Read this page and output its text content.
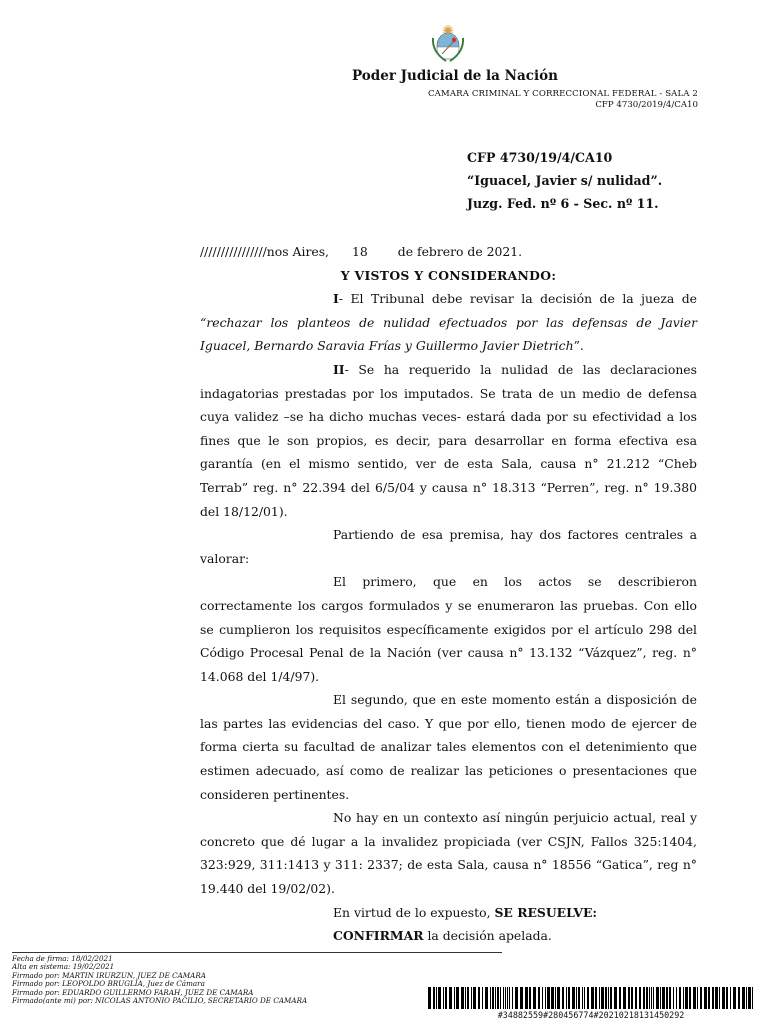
Poder Judicial de la Nación
CAMARA CRIMINAL Y CORRECCIONAL FEDERAL - SALA 2
CFP 4730/2019/4/CA10
CFP 4730/19/4/CA10
“Iguacel, Javier s/ nulidad”.
Juzg. Fed. nº 6 - Sec. nº 11.

////////////////nos Aires, 18 de febrero de 2021.

Y VISTOS Y CONSIDERANDO:

I- El Tribunal debe revisar la decisión de la jueza de “rechazar los planteos de nulidad efectuados por las defensas de Javier Iguacel, Bernardo Saravia Frías y Guillermo Javier Dietrich”.

II- Se ha requerido la nulidad de las declaraciones indagatorias prestadas por los imputados. Se trata de un medio de defensa cuya validez –se ha dicho muchas veces- estará dada por su efectividad a los fines que le son propios, es decir, para desarrollar en forma efectiva esa garantía (en el mismo sentido, ver de esta Sala, causa n° 21.212 “Cheb Terrab” reg. n° 22.394 del 6/5/04 y causa n° 18.313 “Perren”, reg. n° 19.380 del 18/12/01).

Partiendo de esa premisa, hay dos factores centrales a valorar:

El primero, que en los actos se describieron correctamente los cargos formulados y se enumeraron las pruebas. Con ello se cumplieron los requisitos específicamente exigidos por el artículo 298 del Código Procesal Penal de la Nación (ver causa n° 13.132 “Vázquez”, reg. n° 14.068 del 1/4/97).

El segundo, que en este momento están a disposición de las partes las evidencias del caso. Y que por ello, tienen modo de ejercer de forma cierta su facultad de analizar tales elementos con el detenimiento que estimen adecuado, así como de realizar las peticiones o presentaciones que consideren pertinentes.

No hay en un contexto así ningún perjuicio actual, real y concreto que dé lugar a la invalidez propiciada (ver CSJN, Fallos 325:1404, 323:929, 311:1413 y 311: 2337; de esta Sala, causa n° 18556 “Gatica”, reg n° 19.440 del 19/02/02).

En virtud de lo expuesto, SE RESUELVE:

CONFIRMAR la decisión apelada.

Fecha de firma: 18/02/2021
Alta en sistema: 19/02/2021
Firmado por: MARTIN IRURZUN, JUEZ DE CAMARA
Firmado por: LEOPOLDO BRUGLIA, Juez de Cámara
Firmado por: EDUARDO GUILLERMO FARAH, JUEZ DE CAMARA
Firmado(ante mi) por: NICOLAS ANTONIO PACILIO, SECRETARIO DE CAMARA
#34882559#280456774#20210218131450292
